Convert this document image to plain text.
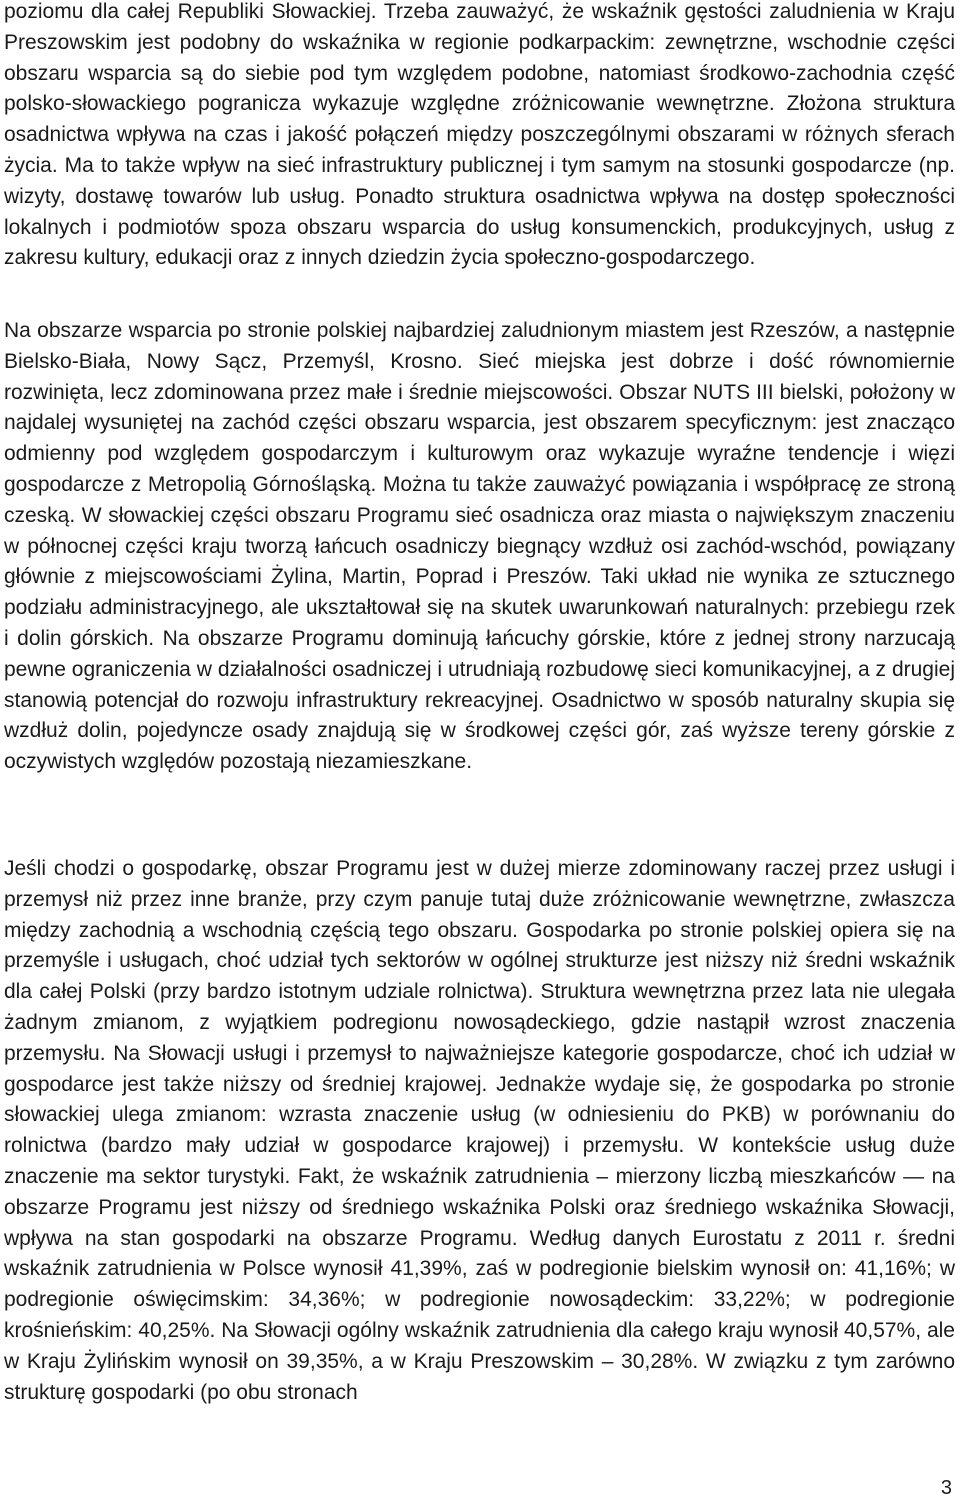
poziomu dla całej Republiki Słowackiej. Trzeba zauważyć, że wskaźnik gęstości zaludnienia w Kraju Preszowskim jest podobny do wskaźnika w regionie podkarpackim: zewnętrzne, wschodnie części obszaru wsparcia są do siebie pod tym względem podobne, natomiast środkowo-zachodnia część polsko-słowackiego pogranicza wykazuje względne zróżnicowanie wewnętrzne. Złożona struktura osadnictwa wpływa na czas i jakość połączeń między poszczególnymi obszarami w różnych sferach życia. Ma to także wpływ na sieć infrastruktury publicznej i tym samym na stosunki gospodarcze (np. wizyty, dostawę towarów lub usług. Ponadto struktura osadnictwa wpływa na dostęp społeczności lokalnych i podmiotów spoza obszaru wsparcia do usług konsumenckich, produkcyjnych, usług z zakresu kultury, edukacji oraz z innych dziedzin życia społeczno-gospodarczego.

Na obszarze wsparcia po stronie polskiej najbardziej zaludnionym miastem jest Rzeszów, a następnie Bielsko-Biała, Nowy Sącz, Przemyśl, Krosno. Sieć miejska jest dobrze i dość równomiernie rozwinięta, lecz zdominowana przez małe i średnie miejscowości. Obszar NUTS III bielski, położony w najdalej wysuniętej na zachód części obszaru wsparcia, jest obszarem specyficznym: jest znacząco odmienny pod względem gospodarczym i kulturowym oraz wykazuje wyraźne tendencje i więzi gospodarcze z Metropolią Górnośląską. Można tu także zauważyć powiązania i współpracę ze stroną czeską. W słowackiej części obszaru Programu sieć osadnicza oraz miasta o największym znaczeniu w północnej części kraju tworzą łańcuch osadniczy biegnący wzdłuż osi zachód-wschód, powiązany głównie z miejscowościami Żylina, Martin, Poprad i Preszów. Taki układ nie wynika ze sztucznego podziału administracyjnego, ale ukształtował się na skutek uwarunkowań naturalnych: przebiegu rzek i dolin górskich. Na obszarze Programu dominują łańcuchy górskie, które z jednej strony narzucają pewne ograniczenia w działalności osadniczej i utrudniają rozbudowę sieci komunikacyjnej, a z drugiej stanowią potencjał do rozwoju infrastruktury rekreacyjnej. Osadnictwo w sposób naturalny skupia się wzdłuż dolin, pojedyncze osady znajdują się w środkowej części gór, zaś wyższe tereny górskie z oczywistych względów pozostają niezamieszkane.

Jeśli chodzi o gospodarkę, obszar Programu jest w dużej mierze zdominowany raczej przez usługi i przemysł niż przez inne branże, przy czym panuje tutaj duże zróżnicowanie wewnętrzne, zwłaszcza między zachodnią a wschodnią częścią tego obszaru. Gospodarka po stronie polskiej opiera się na przemyśle i usługach, choć udział tych sektorów w ogólnej strukturze jest niższy niż średni wskaźnik dla całej Polski (przy bardzo istotnym udziale rolnictwa). Struktura wewnętrzna przez lata nie ulegała żadnym zmianom, z wyjątkiem podregionu nowosądeckiego, gdzie nastąpił wzrost znaczenia przemysłu. Na Słowacji usługi i przemysł to najważniejsze kategorie gospodarcze, choć ich udział w gospodarce jest także niższy od średniej krajowej. Jednakże wydaje się, że gospodarka po stronie słowackiej ulega zmianom: wzrasta znaczenie usług (w odniesieniu do PKB) w porównaniu do rolnictwa (bardzo mały udział w gospodarce krajowej) i przemysłu. W kontekście usług duże znaczenie ma sektor turystyki. Fakt, że wskaźnik zatrudnienia – mierzony liczbą mieszkańców — na obszarze Programu jest niższy od średniego wskaźnika Polski oraz średniego wskaźnika Słowacji, wpływa na stan gospodarki na obszarze Programu. Według danych Eurostatu z 2011 r. średni wskaźnik zatrudnienia w Polsce wynosił 41,39%, zaś w podregionie bielskim wynosił on: 41,16%; w podregionie oświęcimskim: 34,36%; w podregionie nowosądeckim: 33,22%; w podregionie krośnieńskim: 40,25%. Na Słowacji ogólny wskaźnik zatrudnienia dla całego kraju wynosił 40,57%, ale w Kraju Żylińskim wynosił on 39,35%, a w Kraju Preszowskim – 30,28%. W związku z tym zarówno strukturę gospodarki (po obu stronach

3
